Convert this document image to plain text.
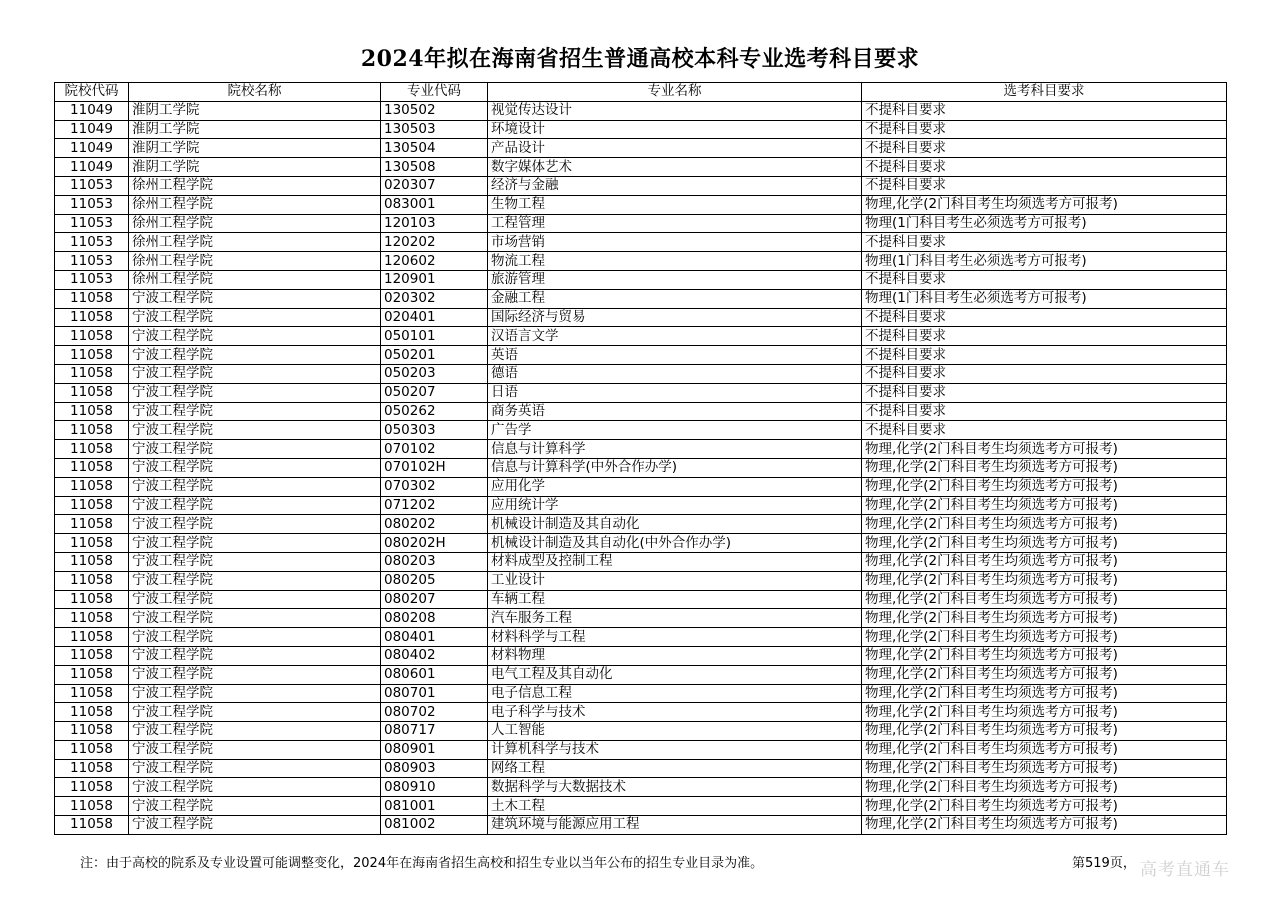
2024年拟在海南省招生普通高校本科专业选考科目要求
院校代码	院校名称	专业代码	专业名称	选考科目要求
11049	淮阴工学院	130502	视觉传达设计	不提科目要求
11049	淮阴工学院	130503	环境设计	不提科目要求
11049	淮阴工学院	130504	产品设计	不提科目要求
11049	淮阴工学院	130508	数字媒体艺术	不提科目要求
11053	徐州工程学院	020307	经济与金融	不提科目要求
11053	徐州工程学院	083001	生物工程	物理,化学(2门科目考生均须选考方可报考)
11053	徐州工程学院	120103	工程管理	物理(1门科目考生必须选考方可报考)
11053	徐州工程学院	120202	市场营销	不提科目要求
11053	徐州工程学院	120602	物流工程	物理(1门科目考生必须选考方可报考)
11053	徐州工程学院	120901	旅游管理	不提科目要求
11058	宁波工程学院	020302	金融工程	物理(1门科目考生必须选考方可报考)
11058	宁波工程学院	020401	国际经济与贸易	不提科目要求
11058	宁波工程学院	050101	汉语言文学	不提科目要求
11058	宁波工程学院	050201	英语	不提科目要求
11058	宁波工程学院	050203	德语	不提科目要求
11058	宁波工程学院	050207	日语	不提科目要求
11058	宁波工程学院	050262	商务英语	不提科目要求
11058	宁波工程学院	050303	广告学	不提科目要求
11058	宁波工程学院	070102	信息与计算科学	物理,化学(2门科目考生均须选考方可报考)
11058	宁波工程学院	070102H	信息与计算科学(中外合作办学)	物理,化学(2门科目考生均须选考方可报考)
11058	宁波工程学院	070302	应用化学	物理,化学(2门科目考生均须选考方可报考)
11058	宁波工程学院	071202	应用统计学	物理,化学(2门科目考生均须选考方可报考)
11058	宁波工程学院	080202	机械设计制造及其自动化	物理,化学(2门科目考生均须选考方可报考)
11058	宁波工程学院	080202H	机械设计制造及其自动化(中外合作办学)	物理,化学(2门科目考生均须选考方可报考)
11058	宁波工程学院	080203	材料成型及控制工程	物理,化学(2门科目考生均须选考方可报考)
11058	宁波工程学院	080205	工业设计	物理,化学(2门科目考生均须选考方可报考)
11058	宁波工程学院	080207	车辆工程	物理,化学(2门科目考生均须选考方可报考)
11058	宁波工程学院	080208	汽车服务工程	物理,化学(2门科目考生均须选考方可报考)
11058	宁波工程学院	080401	材料科学与工程	物理,化学(2门科目考生均须选考方可报考)
11058	宁波工程学院	080402	材料物理	物理,化学(2门科目考生均须选考方可报考)
11058	宁波工程学院	080601	电气工程及其自动化	物理,化学(2门科目考生均须选考方可报考)
11058	宁波工程学院	080701	电子信息工程	物理,化学(2门科目考生均须选考方可报考)
11058	宁波工程学院	080702	电子科学与技术	物理,化学(2门科目考生均须选考方可报考)
11058	宁波工程学院	080717	人工智能	物理,化学(2门科目考生均须选考方可报考)
11058	宁波工程学院	080901	计算机科学与技术	物理,化学(2门科目考生均须选考方可报考)
11058	宁波工程学院	080903	网络工程	物理,化学(2门科目考生均须选考方可报考)
11058	宁波工程学院	080910	数据科学与大数据技术	物理,化学(2门科目考生均须选考方可报考)
11058	宁波工程学院	081001	土木工程	物理,化学(2门科目考生均须选考方可报考)
11058	宁波工程学院	081002	建筑环境与能源应用工程	物理,化学(2门科目考生均须选考方可报考)
注：由于高校的院系及专业设置可能调整变化，2024年在海南省招生高校和招生专业以当年公布的招生专业目录为准。	第519页， 高考直通车
